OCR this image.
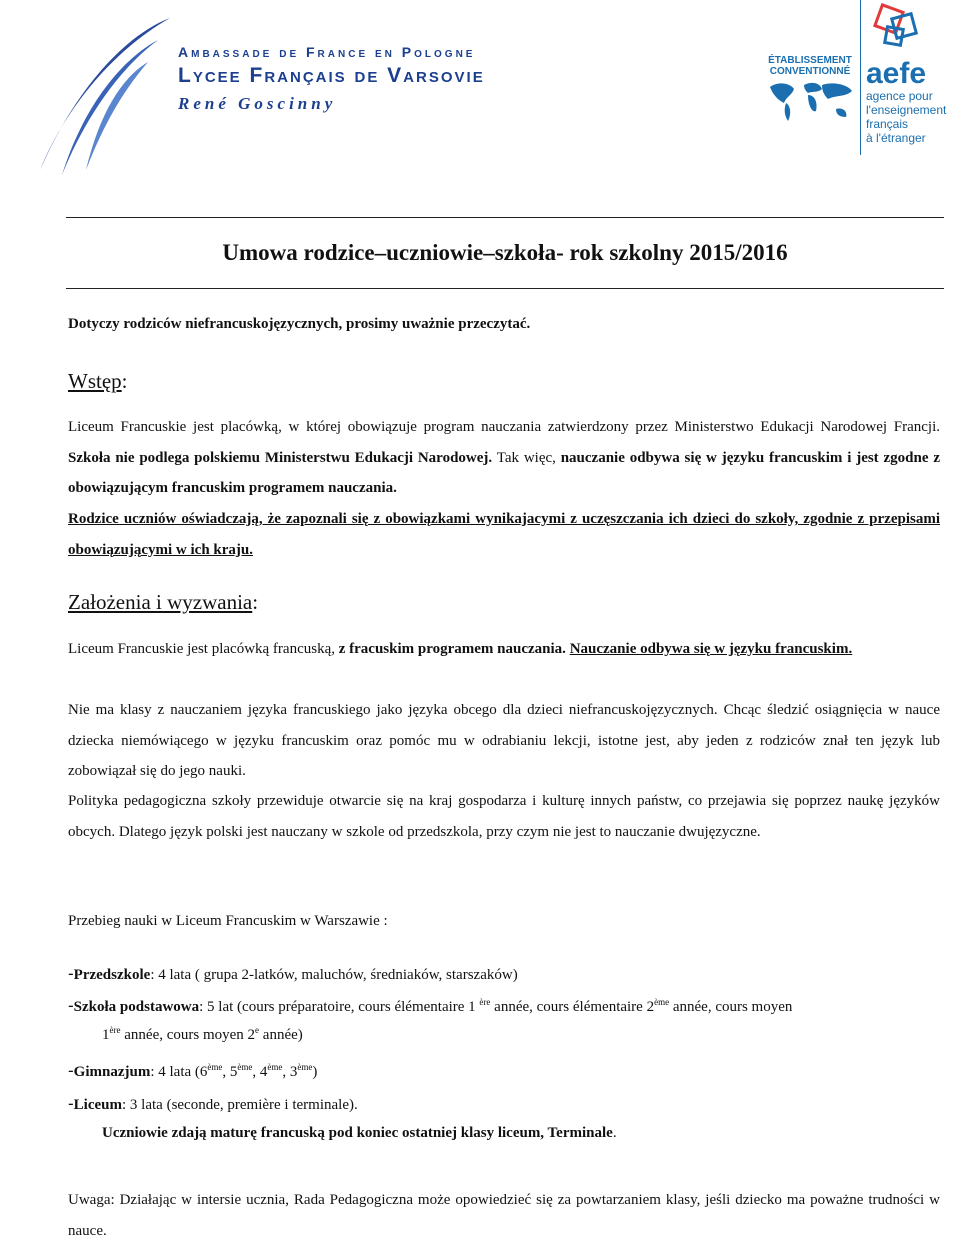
Ambassade de France en Pologne
Lycee Français de Varsovie
René Goscinny
ÉTABLISSEMENT
CONVENTIONNÉ aefe
agence pour
l'enseignement
français
à l'étranger
Umowa rodzice–uczniowie–szkoła- rok szkolny 2015/2016
Dotyczy rodziców niefrancuskojęzycznych, prosimy uważnie przeczytać.
Wstęp:
Liceum Francuskie jest placówką, w której obowiązuje program nauczania zatwierdzony przez Ministerstwo Edukacji Narodowej Francji. Szkoła nie podlega polskiemu Ministerstwu Edukacji Narodowej. Tak więc, nauczanie odbywa się w języku francuskim i jest zgodne z obowiązującym francuskim programem nauczania.
Rodzice uczniów oświadczają, że zapoznali się z obowiązkami wynikajacymi z uczęszczania ich dzieci do szkoły, zgodnie z przepisami obowiązującymi w ich kraju.
Założenia i wyzwania:
Liceum Francuskie jest placówką francuską, z fracuskim programem nauczania. Nauczanie odbywa się w języku francuskim.
Nie ma klasy z nauczaniem języka francuskiego jako języka obcego dla dzieci niefrancuskojęzycznych. Chcąc śledzić osiągnięcia w nauce dziecka niemówiącego w języku francuskim oraz pomóc mu w odrabianiu lekcji, istotne jest, aby jeden z rodziców znał ten język lub zobowiązał się do jego nauki.
Polityka pedagogiczna szkoły przewiduje otwarcie się na kraj gospodarza i kulturę innych państw, co przejawia się poprzez naukę języków obcych. Dlatego język polski jest nauczany w szkole od przedszkola, przy czym nie jest to nauczanie dwujęzyczne.
Przebieg nauki w Liceum Francuskim w Warszawie :
-Przedszkole: 4 lata ( grupa 2-latków, maluchów, średniaków, starszaków)
-Szkoła podstawowa: 5 lat (cours préparatoire, cours élémentaire 1 $^{ère}$ année, cours élémentaire 2ème année, cours moyen
1ère année, cours moyen 2e année)
-Gimnazjum: 4 lata (6ème, 5ème, 4ème, 3ème)
-Liceum: 3 lata (seconde, première i terminale).
Uczniowie zdają maturę francuską pod koniec ostatniej klasy liceum, Terminale.
Uwaga: Działając w intersie ucznia, Rada Pedagogiczna może opowiedzieć się za powtarzaniem klasy, jeśli dziecko ma poważne trudności w nauce.
